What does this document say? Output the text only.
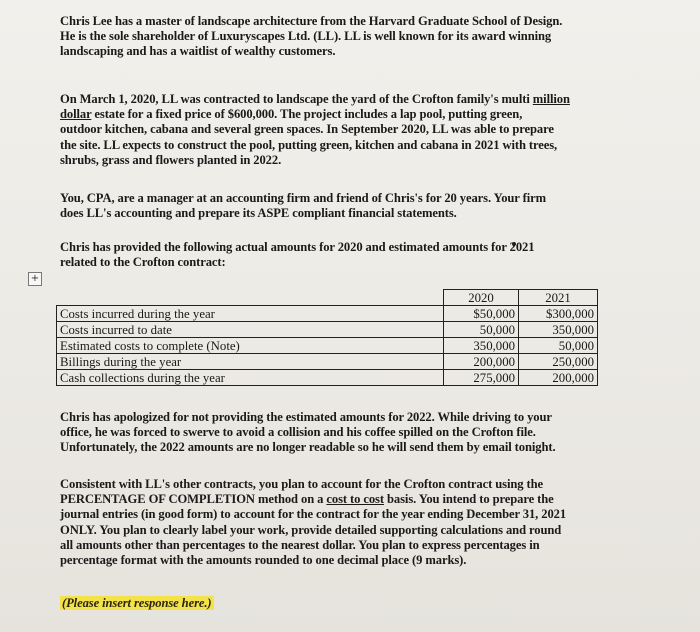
Chris Lee has a master of landscape architecture from the Harvard Graduate School of Design.
He is the sole shareholder of Luxuryscapes Ltd. (LL). LL is well known for its award winning
landscaping and has a waitlist of wealthy customers.

On March 1, 2020, LL was contracted to landscape the yard of the Crofton family's multi million
dollar estate for a fixed price of $600,000. The project includes a lap pool, putting green,
outdoor kitchen, cabana and several green spaces. In September 2020, LL was able to prepare
the site. LL expects to construct the pool, putting green, kitchen and cabana in 2021 with trees,
shrubs, grass and flowers planted in 2022.

You, CPA, are a manager at an accounting firm and friend of Chris's for 20 years. Your firm
does LL's accounting and prepare its ASPE compliant financial statements.

Chris has provided the following actual amounts for 2020 and estimated amounts for 2021
related to the Crofton contract:

Chris has apologized for not providing the estimated amounts for 2022. While driving to your
office, he was forced to swerve to avoid a collision and his coffee spilled on the Crofton file.
Unfortunately, the 2022 amounts are no longer readable so he will send them by email tonight.

Consistent with LL's other contracts, you plan to account for the Crofton contract using the
PERCENTAGE OF COMPLETION method on a cost to cost basis. You intend to prepare the
journal entries (in good form) to account for the contract for the year ending December 31, 2021
ONLY. You plan to clearly label your work, provide detailed supporting calculations and round
all amounts other than percentages to the nearest dollar. You plan to express percentages in
percentage format with the amounts rounded to one decimal place (9 marks).

(Please insert response here.)

+
	2020	2021
Costs incurred during the year	$50,000	$300,000
Costs incurred to date	50,000	350,000
Estimated costs to complete (Note)	350,000	50,000
Billings during the year	200,000	250,000
Cash collections during the year	275,000	200,000
